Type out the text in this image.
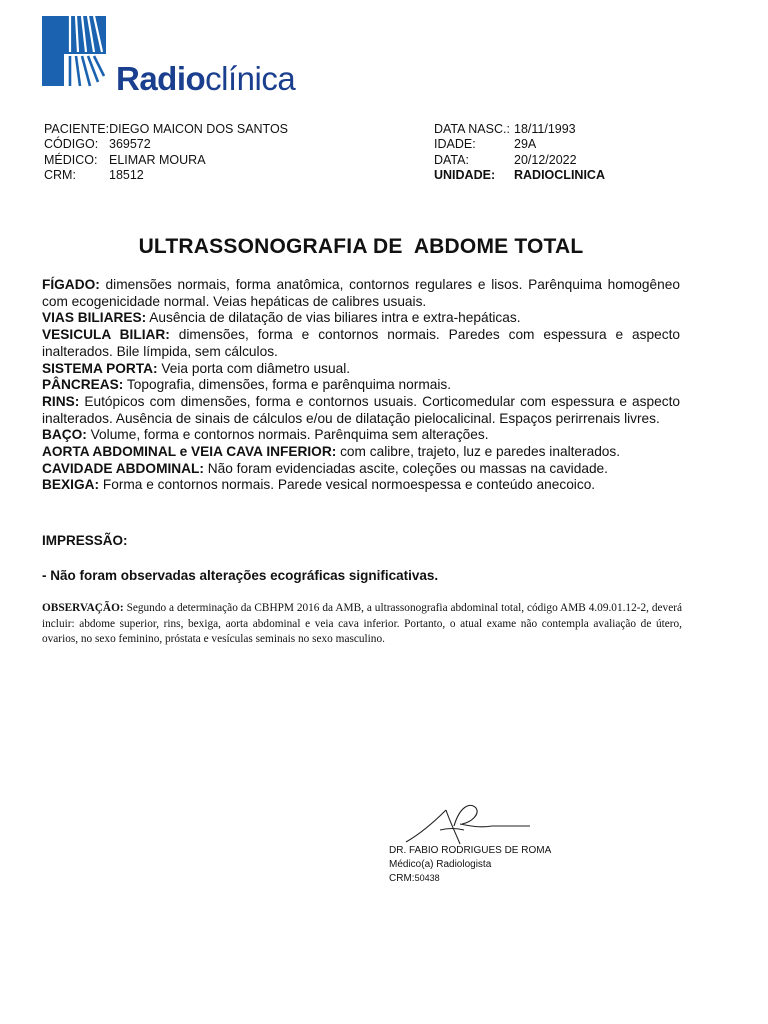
Radioclínica
PACIENTE: DIEGO MAICON DOS SANTOS
CÓDIGO: 369572
MÉDICO: ELIMAR MOURA
CRM:	18512
DATA NASC.: 18/11/1993
IDADE:	29A
DATA:	20/12/2022
UNIDADE:	RADIOCLINICA
ULTRASSONOGRAFIA DE  ABDOME TOTAL

FÍGADO: dimensões normais, forma anatômica, contornos regulares e lisos. Parênquima homogêneo com ecogenicidade normal. Veias hepáticas de calibres usuais.

VIAS BILIARES: Ausência de dilatação de vias biliares intra e extra-hepáticas.

VESICULA BILIAR: dimensões, forma e contornos normais. Paredes com espessura e aspecto inalterados. Bile límpida, sem cálculos.

SISTEMA PORTA: Veia porta com diâmetro usual.

PÂNCREAS: Topografia, dimensões, forma e parênquima normais.

RINS: Eutópicos com dimensões, forma e contornos usuais. Corticomedular com espessura e aspecto inalterados. Ausência de sinais de cálculos e/ou de dilatação pielocalicinal. Espaços perirrenais livres.

BAÇO: Volume, forma e contornos normais. Parênquima sem alterações.

AORTA ABDOMINAL e VEIA CAVA INFERIOR: com calibre, trajeto, luz e paredes inalterados.

CAVIDADE ABDOMINAL: Não foram evidenciadas ascite, coleções ou massas na cavidade.

BEXIGA: Forma e contornos normais. Parede vesical normoespessa e conteúdo anecoico.

IMPRESSÃO:
- Não foram observadas alterações ecográficas significativas.
OBSERVAÇÃO: Segundo a determinação da CBHPM 2016 da AMB, a ultrassonografia abdominal total, código AMB 4.09.01.12-2, deverá incluir: abdome superior, rins, bexiga, aorta abdominal e veia cava inferior. Portanto, o atual exame não contempla avaliação de útero, ovarios, no sexo feminino, próstata e vesículas seminais no sexo masculino.
DR. FABIO RODRIGUES DE ROMA
Médico(a) Radiologista
CRM:50438
